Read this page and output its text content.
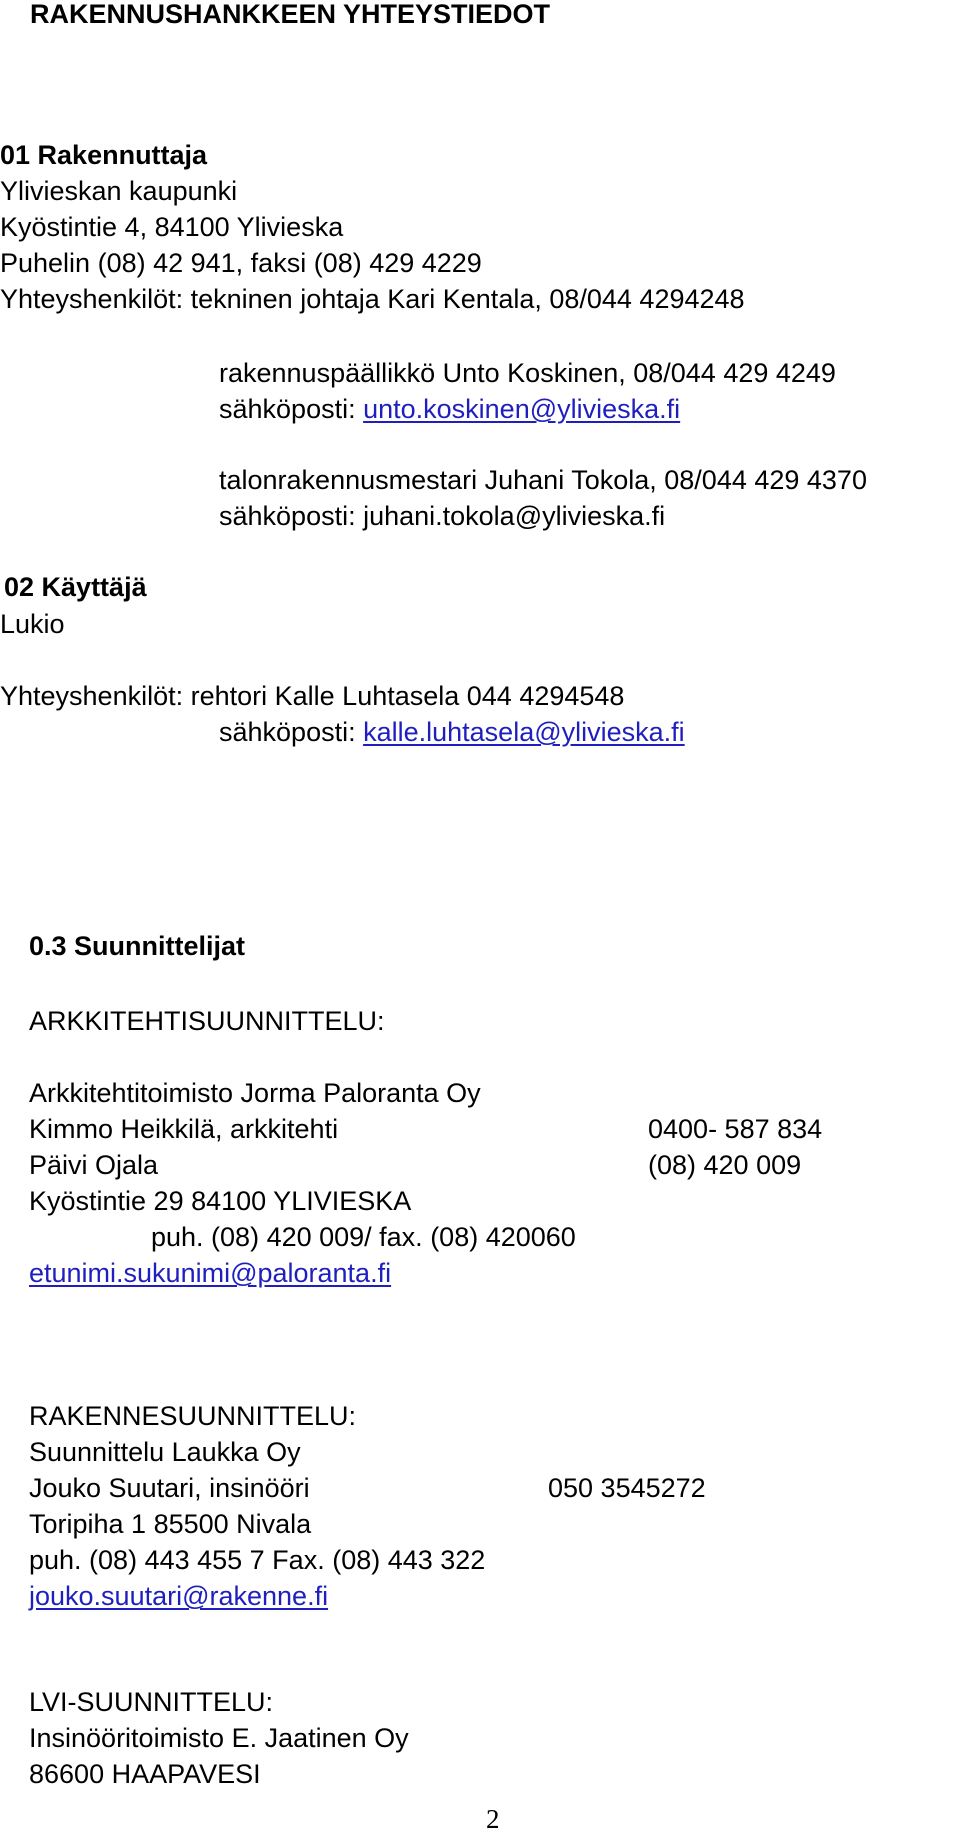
RAKENNUSHANKKEEN YHTEYSTIEDOT
01 Rakennuttaja
Ylivieskan kaupunki
Kyöstintie 4, 84100 Ylivieska
Puhelin (08) 42 941, faksi (08) 429 4229
Yhteyshenkilöt: tekninen johtaja Kari Kentala, 08/044 4294248
rakennuspäällikkö Unto Koskinen, 08/044 429 4249
sähköposti: unto.koskinen@ylivieska.fi
talonrakennusmestari Juhani Tokola, 08/044 429 4370
sähköposti: juhani.tokola@ylivieska.fi
02 Käyttäjä
Lukio
Yhteyshenkilöt: rehtori Kalle Luhtasela 044 4294548
sähköposti: kalle.luhtasela@ylivieska.fi
0.3 Suunnittelijat
ARKKITEHTISUUNNITTELU:
Arkkitehtitoimisto Jorma Paloranta Oy
Kimmo Heikkilä, arkkitehti	0400- 587 834
Päivi Ojala	(08) 420 009
Kyöstintie 29 84100 YLIVIESKA
puh. (08) 420 009/ fax. (08) 420060
etunimi.sukunimi@paloranta.fi
RAKENNESUUNNITTELU:
Suunnittelu Laukka Oy
Jouko Suutari, insinööri	050 3545272
Toripiha 1 85500 Nivala
puh. (08) 443 455 7 Fax. (08) 443 322
jouko.suutari@rakenne.fi
LVI-SUUNNITTELU:
Insinööritoimisto E. Jaatinen Oy
86600 HAAPAVESI
2
